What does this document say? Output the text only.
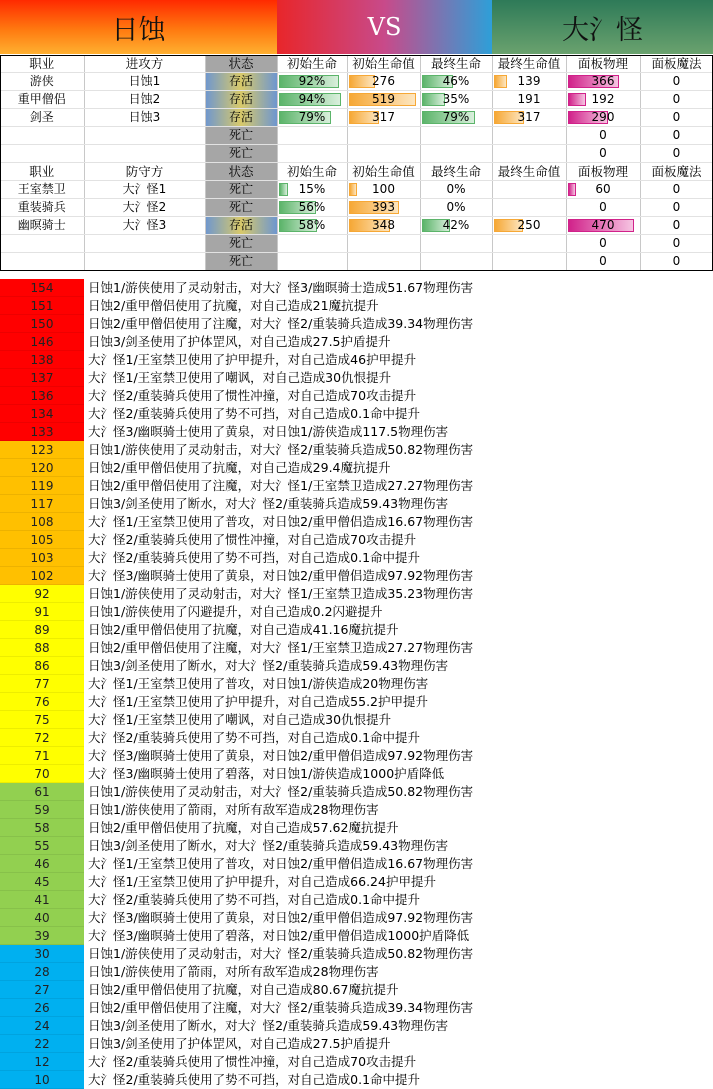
日蚀	VS	大氵怪
职业	进攻方	状态	初始生命	初始生命值	最终生命	最终生命值	面板物理	面板魔法
游侠	日蚀1	存活	92%	276	46%	139	366	0
重甲僧侣	日蚀2	存活	94%	519	35%	191	192	0
剑圣	日蚀3	存活	79%	317	79%	317	290	0
		死亡					0	0
		死亡					0	0
职业	防守方	状态	初始生命	初始生命值	最终生命	最终生命值	面板物理	面板魔法
王室禁卫	大氵怪1	死亡	15%	100	0%		60	0
重装骑兵	大氵怪2	死亡	56%	393	0%		0	0
幽暝骑士	大氵怪3	存活	58%	348	42%	250	470	0
		死亡					0	0
		死亡					0	0
154	日蚀1/游侠使用了灵动射击，对大氵怪3/幽暝骑士造成51.67物理伤害
151	日蚀2/重甲僧侣使用了抗魔，对自己造成21魔抗提升
150	日蚀2/重甲僧侣使用了注魔，对大氵怪2/重装骑兵造成39.34物理伤害
146	日蚀3/剑圣使用了护体罡风，对自己造成27.5护盾提升
138	大氵怪1/王室禁卫使用了护甲提升，对自己造成46护甲提升
137	大氵怪1/王室禁卫使用了嘲讽，对自己造成30仇恨提升
136	大氵怪2/重装骑兵使用了惯性冲撞，对自己造成70攻击提升
134	大氵怪2/重装骑兵使用了势不可挡，对自己造成0.1命中提升
133	大氵怪3/幽暝骑士使用了黄泉，对日蚀1/游侠造成117.5物理伤害
123	日蚀1/游侠使用了灵动射击，对大氵怪2/重装骑兵造成50.82物理伤害
120	日蚀2/重甲僧侣使用了抗魔，对自己造成29.4魔抗提升
119	日蚀2/重甲僧侣使用了注魔，对大氵怪1/王室禁卫造成27.27物理伤害
117	日蚀3/剑圣使用了断水，对大氵怪2/重装骑兵造成59.43物理伤害
108	大氵怪1/王室禁卫使用了普攻，对日蚀2/重甲僧侣造成16.67物理伤害
105	大氵怪2/重装骑兵使用了惯性冲撞，对自己造成70攻击提升
103	大氵怪2/重装骑兵使用了势不可挡，对自己造成0.1命中提升
102	大氵怪3/幽暝骑士使用了黄泉，对日蚀2/重甲僧侣造成97.92物理伤害
92	日蚀1/游侠使用了灵动射击，对大氵怪1/王室禁卫造成35.23物理伤害
91	日蚀1/游侠使用了闪避提升，对自己造成0.2闪避提升
89	日蚀2/重甲僧侣使用了抗魔，对自己造成41.16魔抗提升
88	日蚀2/重甲僧侣使用了注魔，对大氵怪1/王室禁卫造成27.27物理伤害
86	日蚀3/剑圣使用了断水，对大氵怪2/重装骑兵造成59.43物理伤害
77	大氵怪1/王室禁卫使用了普攻，对日蚀1/游侠造成20物理伤害
76	大氵怪1/王室禁卫使用了护甲提升，对自己造成55.2护甲提升
75	大氵怪1/王室禁卫使用了嘲讽，对自己造成30仇恨提升
72	大氵怪2/重装骑兵使用了势不可挡，对自己造成0.1命中提升
71	大氵怪3/幽暝骑士使用了黄泉，对日蚀2/重甲僧侣造成97.92物理伤害
70	大氵怪3/幽暝骑士使用了碧落，对日蚀1/游侠造成1000护盾降低
61	日蚀1/游侠使用了灵动射击，对大氵怪2/重装骑兵造成50.82物理伤害
59	日蚀1/游侠使用了箭雨，对所有敌军造成28物理伤害
58	日蚀2/重甲僧侣使用了抗魔，对自己造成57.62魔抗提升
55	日蚀3/剑圣使用了断水，对大氵怪2/重装骑兵造成59.43物理伤害
46	大氵怪1/王室禁卫使用了普攻，对日蚀2/重甲僧侣造成16.67物理伤害
45	大氵怪1/王室禁卫使用了护甲提升，对自己造成66.24护甲提升
41	大氵怪2/重装骑兵使用了势不可挡，对自己造成0.1命中提升
40	大氵怪3/幽暝骑士使用了黄泉，对日蚀2/重甲僧侣造成97.92物理伤害
39	大氵怪3/幽暝骑士使用了碧落，对日蚀2/重甲僧侣造成1000护盾降低
30	日蚀1/游侠使用了灵动射击，对大氵怪2/重装骑兵造成50.82物理伤害
28	日蚀1/游侠使用了箭雨，对所有敌军造成28物理伤害
27	日蚀2/重甲僧侣使用了抗魔，对自己造成80.67魔抗提升
26	日蚀2/重甲僧侣使用了注魔，对大氵怪2/重装骑兵造成39.34物理伤害
24	日蚀3/剑圣使用了断水，对大氵怪2/重装骑兵造成59.43物理伤害
22	日蚀3/剑圣使用了护体罡风，对自己造成27.5护盾提升
12	大氵怪2/重装骑兵使用了惯性冲撞，对自己造成70攻击提升
10	大氵怪2/重装骑兵使用了势不可挡，对自己造成0.1命中提升
